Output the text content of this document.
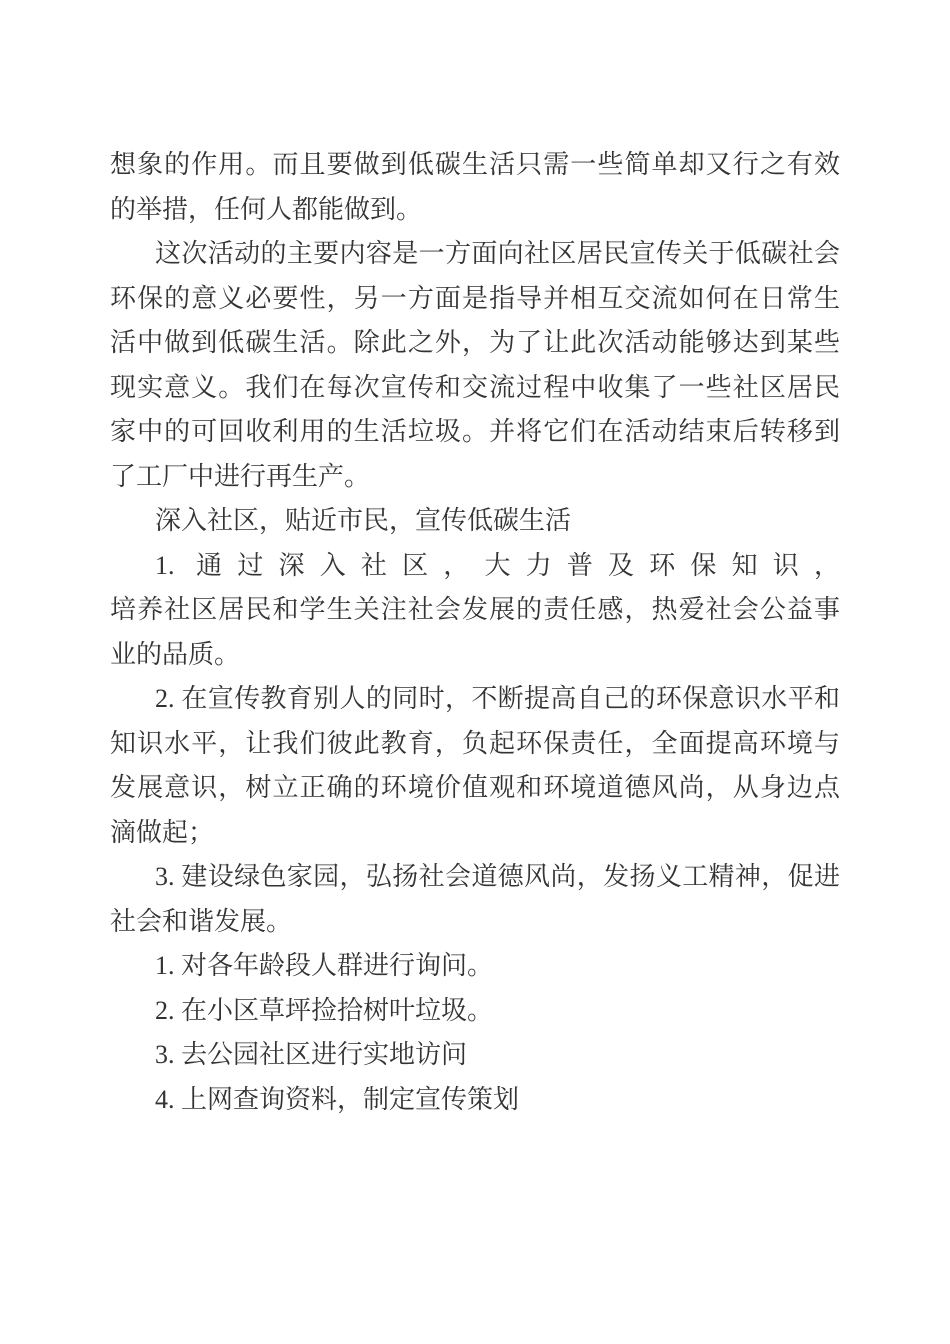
想象的作用。而且要做到低碳生活只需一些简单却又行之有效
的举措，任何人都能做到。
这次活动的主要内容是一方面向社区居民宣传关于低碳社会
环保的意义必要性，另一方面是指导并相互交流如何在日常生
活中做到低碳生活。除此之外，为了让此次活动能够达到某些
现实意义。我们在每次宣传和交流过程中收集了一些社区居民
家中的可回收利用的生活垃圾。并将它们在活动结束后转移到
了工厂中进行再生产。
深入社区，贴近市民，宣传低碳生活
1. 通过深入社区，大力普及环保知识，
培养社区居民和学生关注社会发展的责任感，热爱社会公益事
业的品质。
2. 在宣传教育别人的同时，不断提高自己的环保意识水平和
知识水平，让我们彼此教育，负起环保责任，全面提高环境与
发展意识，树立正确的环境价值观和环境道德风尚，从身边点
滴做起；
3. 建设绿色家园，弘扬社会道德风尚，发扬义工精神，促进
社会和谐发展。
1. 对各年龄段人群进行询问。
2. 在小区草坪捡拾树叶垃圾。
3. 去公园社区进行实地访问
4. 上网查询资料，制定宣传策划
